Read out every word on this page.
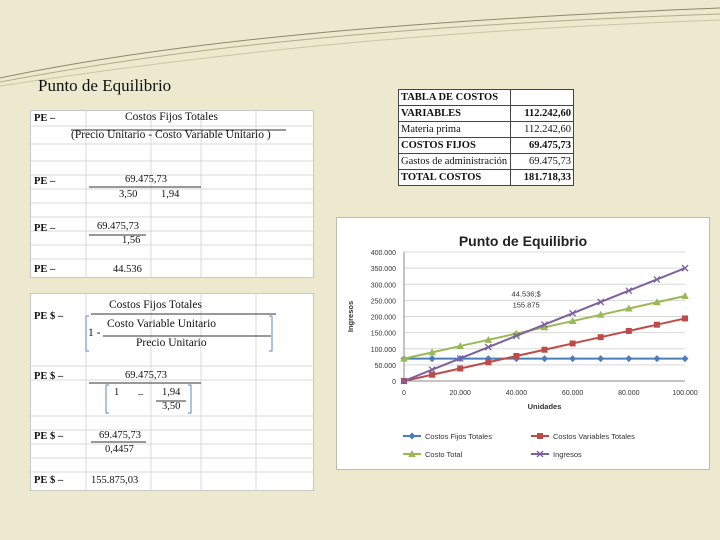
Punto de Equilibrio
PE –	Costos Fijos Totales
(Precio Unitario - Costo Variable Unitario )
PE –	69.475,73
3,50 1,94
PE –	69.475,73
1,56
PE –	44.536
PE $ –
Costos Fijos Totales
1 -
Costo Variable Unitario
Precio Unitario
PE $ –	69.475,73
1 _ 1,94
3,50
PE $ –	69.475,73
0,4457
PE $ –	155.875,03
TABLA DE COSTOS	
VARIABLES	112.242,60
Materia prima	112.242,60
COSTOS FIJOS	69.475,73
Gastos de administración	69.475,73
TOTAL COSTOS	181.718,33
Punto de Equilibrio
0
50.000
100.000
150.000
200.000
250.000
300.000
350.000
400.000
0	20.000	40.000	60.000	80.000	100.000
Unidades
Ingresos
44.536;$
155.875
Costos Fijos Totales	Costos Variables Totales
Costo Total	Ingresos
